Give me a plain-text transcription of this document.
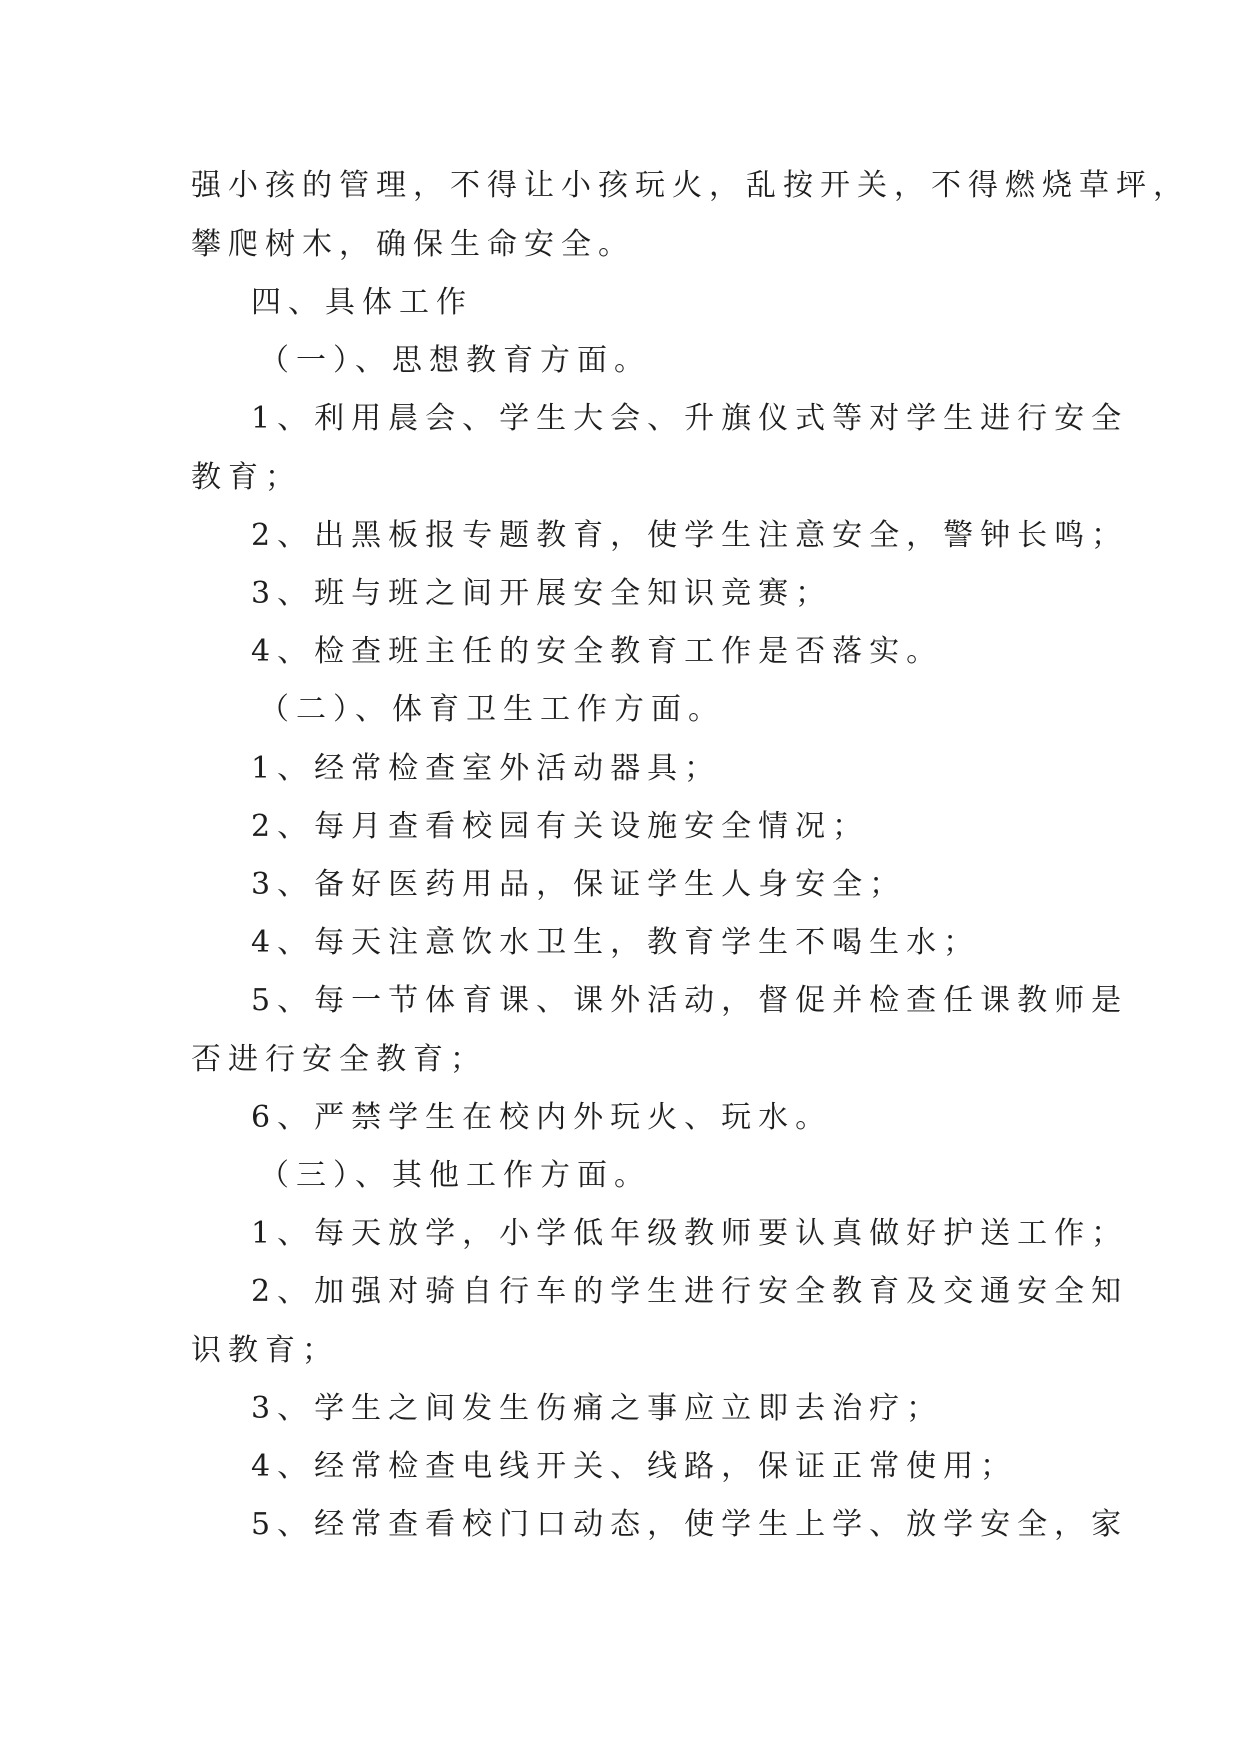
强小孩的管理，不得让小孩玩火，乱按开关，不得燃烧草坪，
攀爬树木，确保生命安全。
四、具体工作
（一）、思想教育方面。
1、利用晨会、学生大会、升旗仪式等对学生进行安全
教育；
2、出黑板报专题教育，使学生注意安全，警钟长鸣；
3、班与班之间开展安全知识竞赛；
4、检查班主任的安全教育工作是否落实。
（二）、体育卫生工作方面。
1、经常检查室外活动器具；
2、每月查看校园有关设施安全情况；
3、备好医药用品，保证学生人身安全；
4、每天注意饮水卫生，教育学生不喝生水；
5、每一节体育课、课外活动，督促并检查任课教师是
否进行安全教育；
6、严禁学生在校内外玩火、玩水。
（三）、其他工作方面。
1、每天放学，小学低年级教师要认真做好护送工作；
2、加强对骑自行车的学生进行安全教育及交通安全知
识教育；
3、学生之间发生伤痛之事应立即去治疗；
4、经常检查电线开关、线路，保证正常使用；
5、经常查看校门口动态，使学生上学、放学安全，家
